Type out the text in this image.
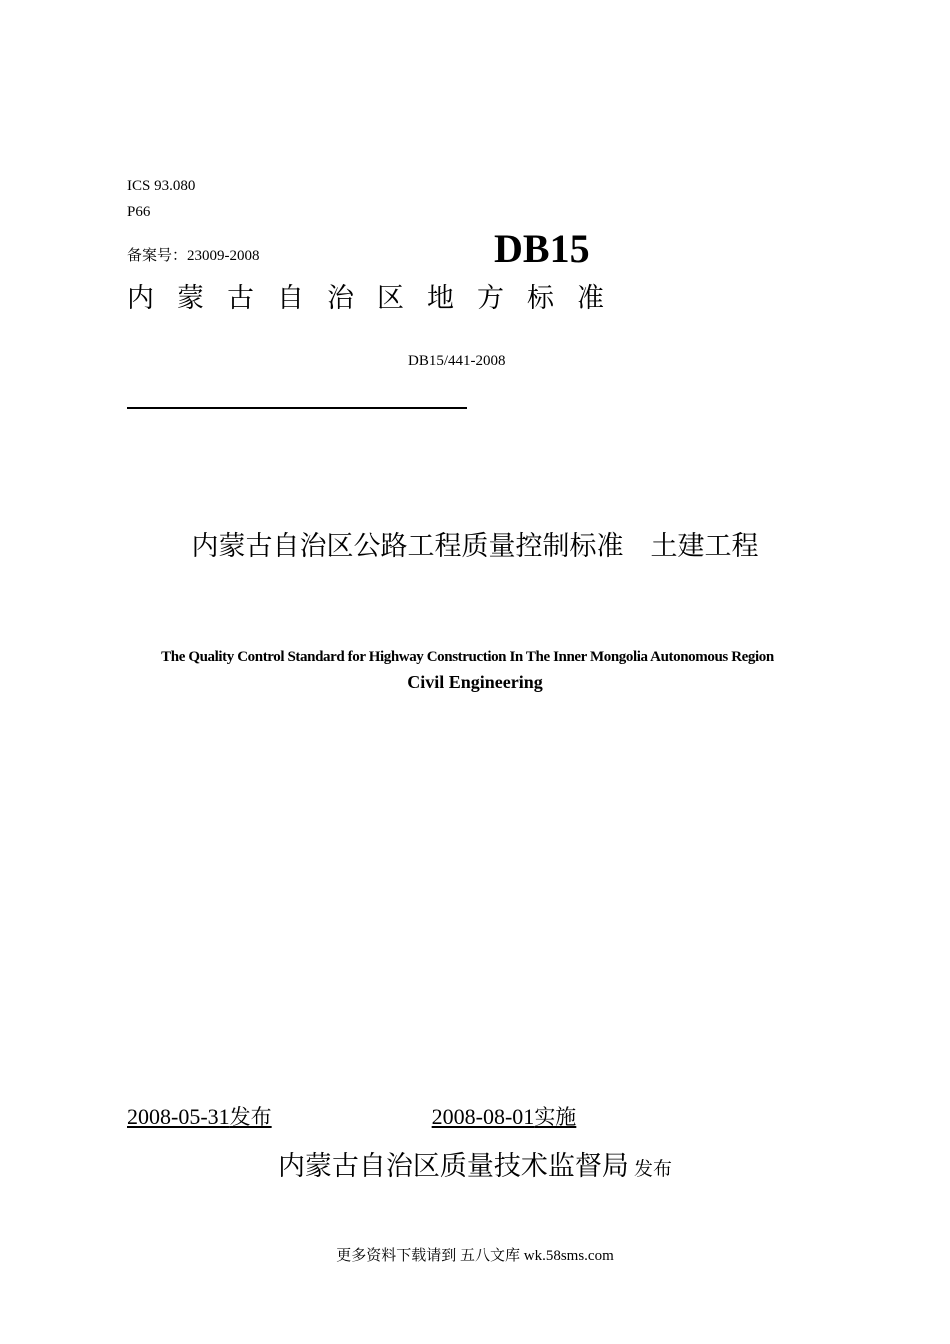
ICS 93.080
P66
备案号：23009-2008	DB15
内蒙古自治区地方标准
DB15/441-2008
内蒙古自治区公路工程质量控制标准　土建工程
The Quality Control Standard for Highway Construction In The Inner Mongolia Autonomous Region
Civil Engineering
2008-05-31发布	2008-08-01实施
内蒙古自治区质量技术监督局 发布
更多资料下载请到 五八文库 wk.58sms.com
